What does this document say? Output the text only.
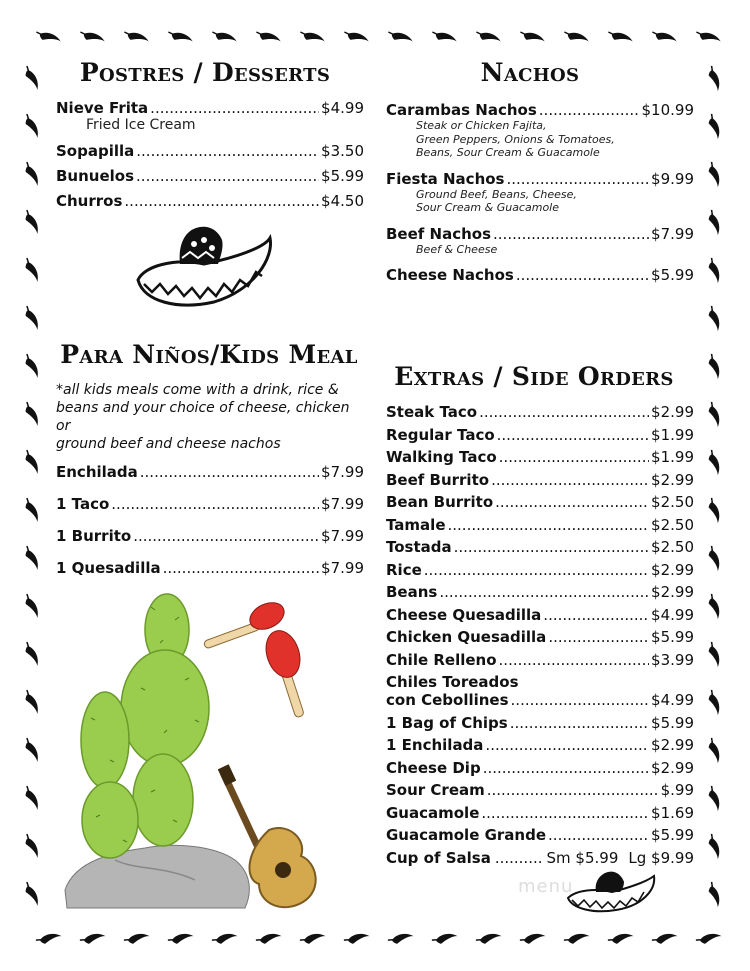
Postres / Desserts
Nieve Frita .....	$4.99
Fried Ice Cream
Sopapilla .....	$3.50
Bunuelos .....	$5.99
Churros .....	$4.50
Para Niños/Kids Meal
*all kids meals come with a drink, rice &
beans and your choice of cheese, chicken or
ground beef and cheese nachos
Enchilada .....	$7.99
1 Taco .....	$7.99
1 Burrito .....	$7.99
1 Quesadilla .....	$7.99
Nachos
Carambas Nachos .....	$10.99
Steak or Chicken Fajita,
Green Peppers, Onions & Tomatoes,
Beans, Sour Cream & Guacamole
Fiesta Nachos .....	$9.99
Ground Beef, Beans, Cheese,
Sour Cream & Guacamole
Beef Nachos .....	$7.99
Beef & Cheese
Cheese Nachos .....	$5.99
Extras / Side Orders
Steak Taco .....	$2.99
Regular Taco .....	$1.99
Walking Taco .....	$1.99
Beef Burrito .....	$2.99
Bean Burrito .....	$2.50
Tamale .....	$2.50
Tostada .....	$2.50
Rice .....	$2.99
Beans .....	$2.99
Cheese Quesadilla .....	$4.99
Chicken Quesadilla .....	$5.99
Chile Relleno .....	$3.99
Chiles Toreados
con Cebollines .....	$4.99
1 Bag of Chips .....	$5.99
1 Enchilada .....	$2.99
Cheese Dip .....	$2.99
Sour Cream .....	$.99
Guacamole .....	$1.69
Guacamole Grande .....	$5.99
Cup of Salsa .......... Sm $5.99 Lg $9.99
menu
